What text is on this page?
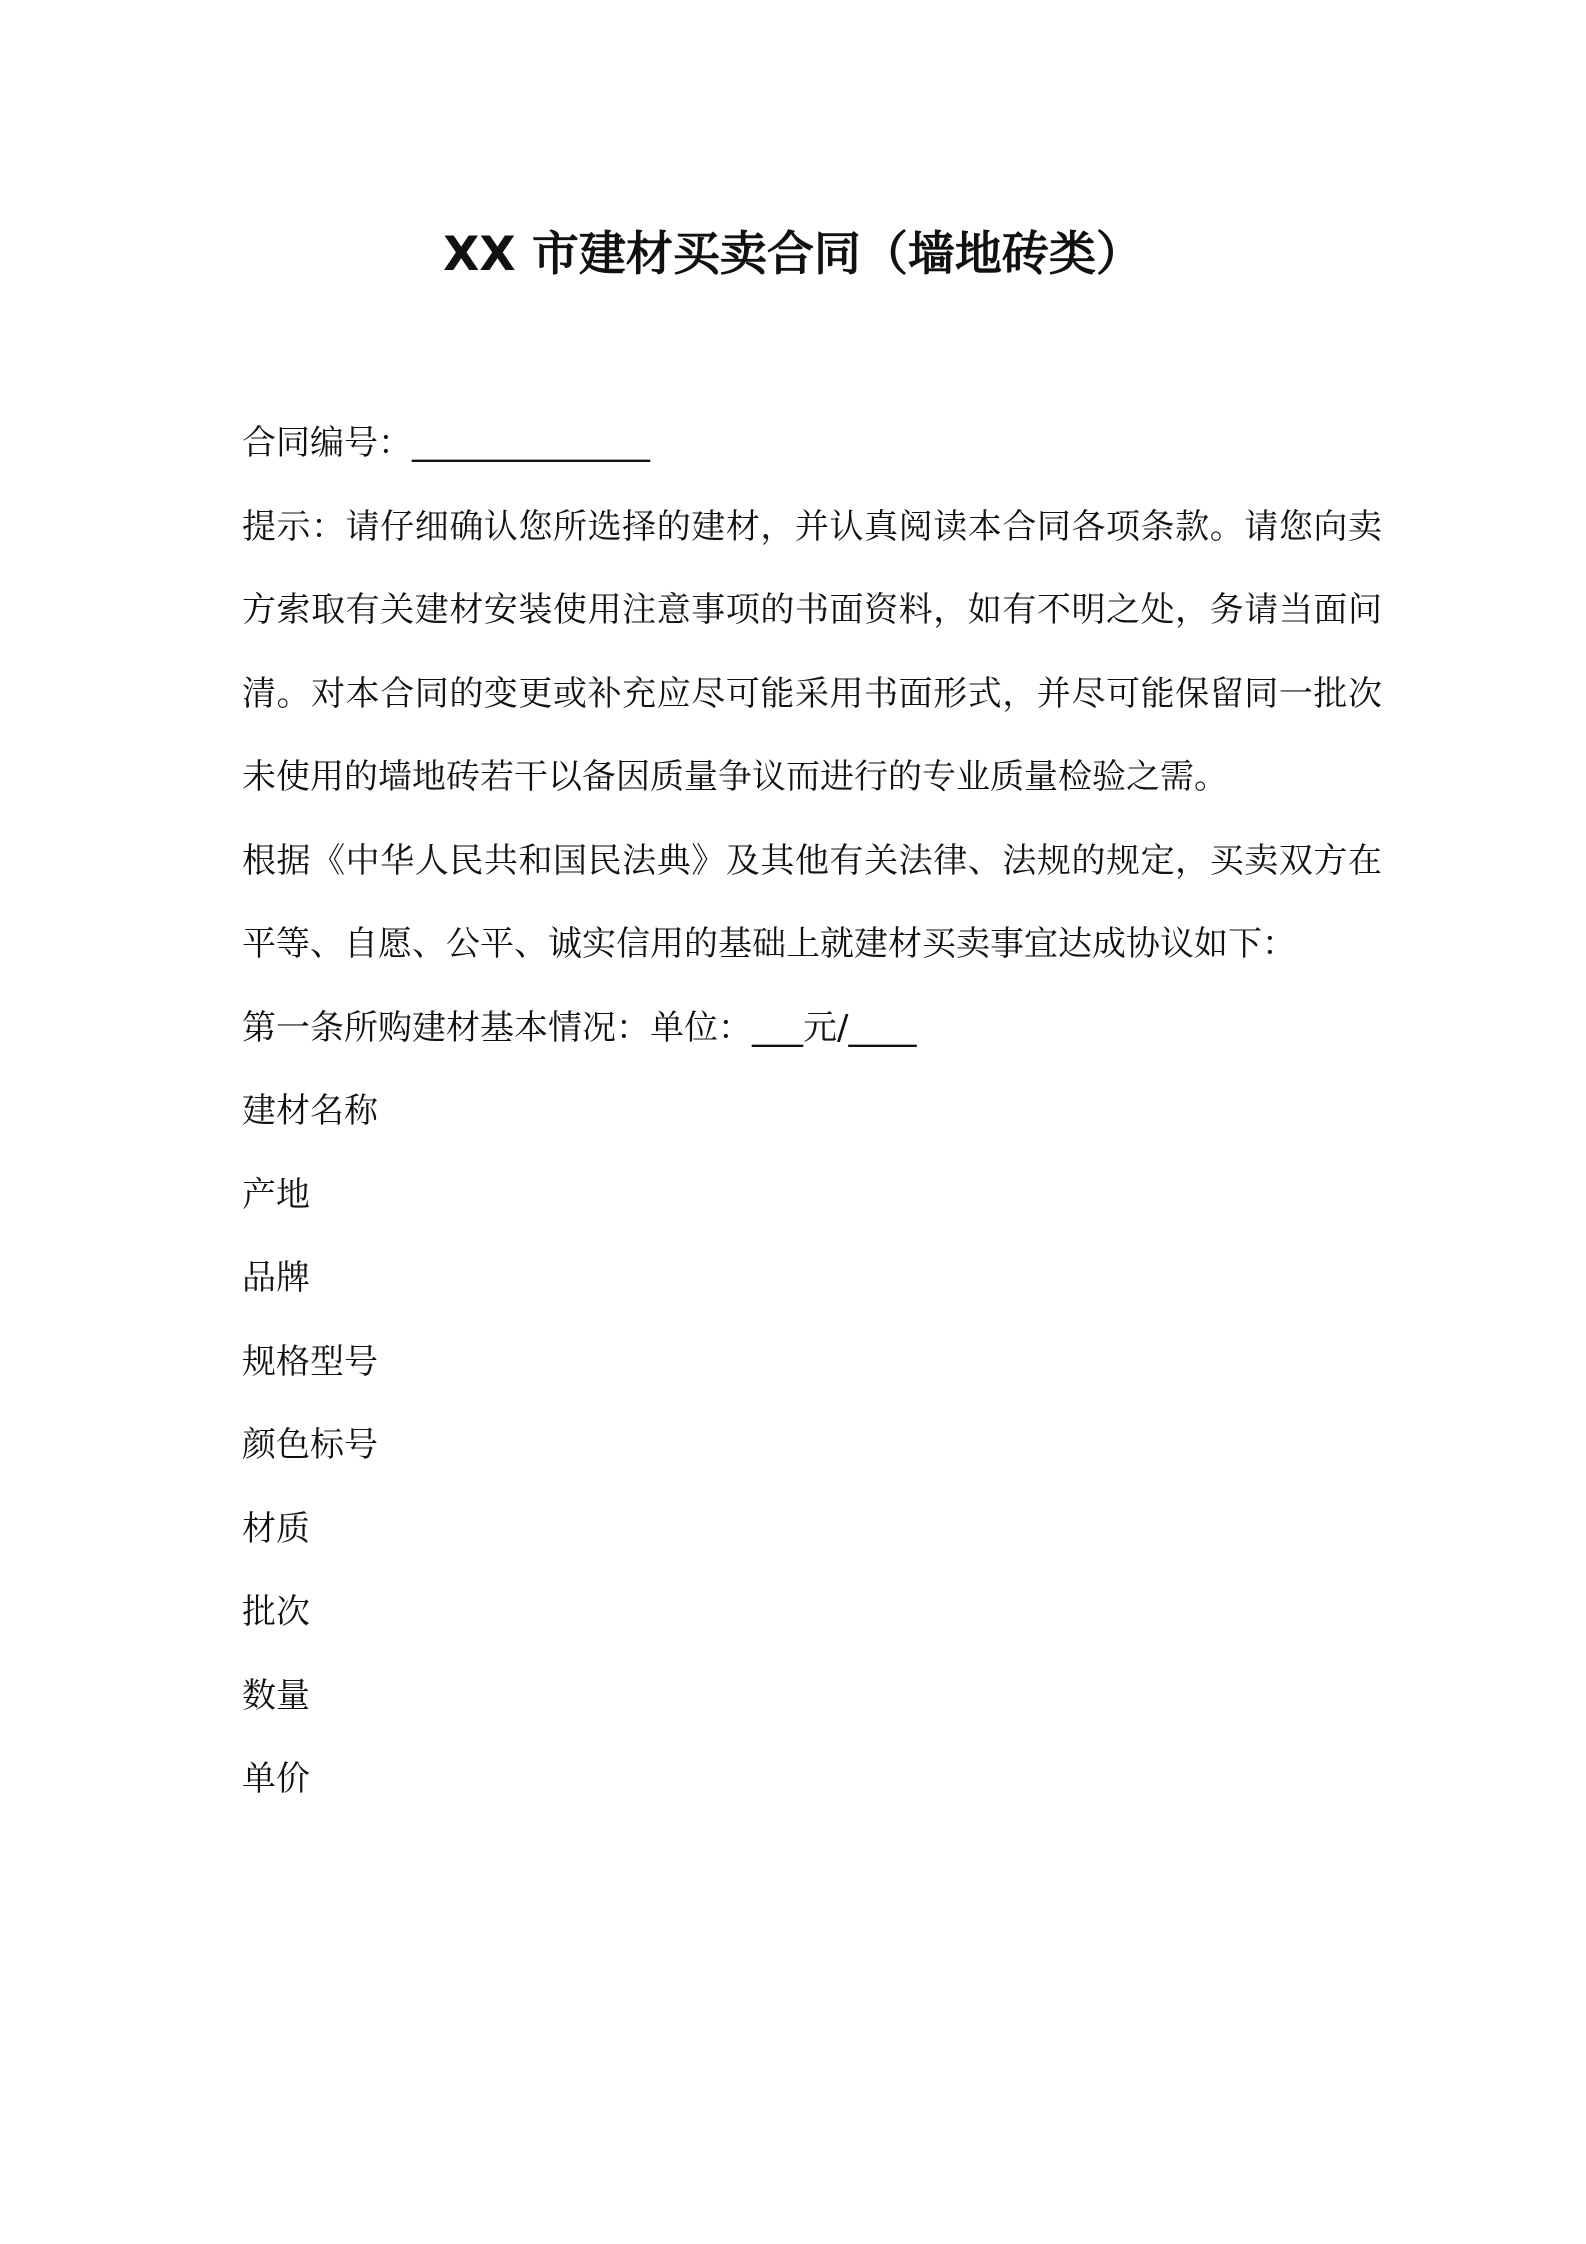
XX 市建材买卖合同（墙地砖类）

合同编号：______________

提示：请仔细确认您所选择的建材，并认真阅读本合同各项条款。请您向卖方索取有关建材安装使用注意事项的书面资料，如有不明之处，务请当面问清。对本合同的变更或补充应尽可能采用书面形式，并尽可能保留同一批次未使用的墙地砖若干以备因质量争议而进行的专业质量检验之需。

根据《中华人民共和国民法典》及其他有关法律、法规的规定，买卖双方在平等、自愿、公平、诚实信用的基础上就建材买卖事宜达成协议如下：

第一条所购建材基本情况：单位：___元/____

建材名称

产地

品牌

规格型号

颜色标号

材质

批次

数量

单价
